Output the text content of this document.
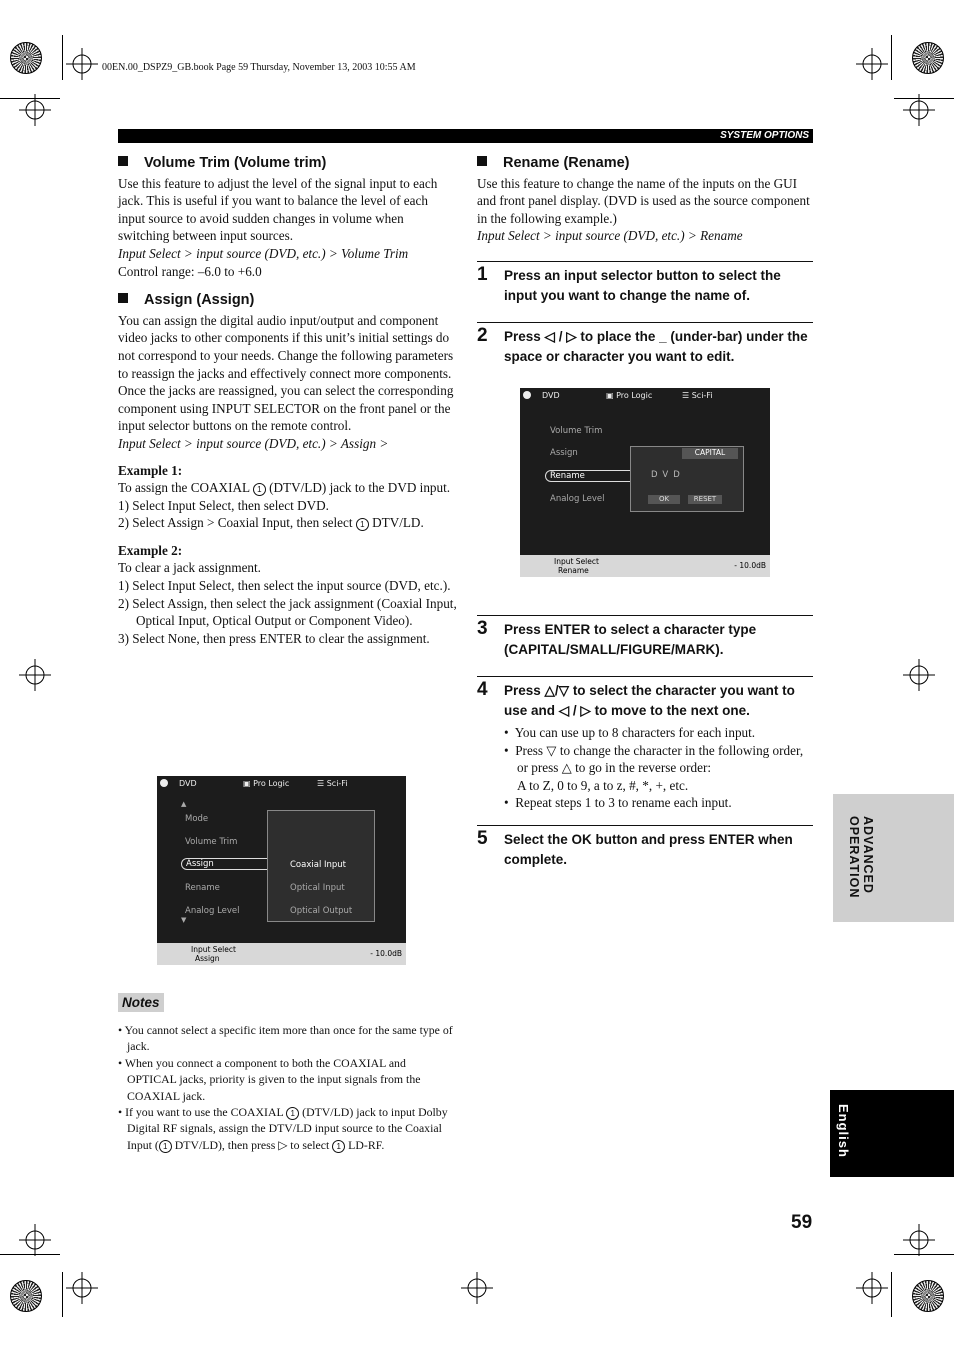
00EN.00_DSPZ9_GB.book Page 59 Thursday, November 13, 2003 10:55 AM
SYSTEM OPTIONS
Volume Trim (Volume trim)

Use this feature to adjust the level of the signal input to each jack. This is useful if you want to balance the level of each input source to avoid sudden changes in volume when switching between input sources.

Input Select > input source (DVD, etc.) > Volume Trim

Control range: –6.0 to +6.0

Assign (Assign)

You can assign the digital audio input/output and component video jacks to other components if this unit’s initial settings do not correspond to your needs. Change the following parameters to reassign the jacks and effectively connect more components.

Once the jacks are reassigned, you can select the corresponding component using INPUT SELECTOR on the front panel or the input selector buttons on the remote control.

Input Select > input source (DVD, etc.) > Assign >

Example 1:

To assign the COAXIAL 1 (DTV/LD) jack to the DVD input.

1) Select Input Select, then select DVD.
2) Select Assign > Coaxial Input, then select 1 DTV/LD.

Example 2:

To clear a jack assignment.

1) Select Input Select, then select the input source (DVD, etc.).
2) Select Assign, then select the jack assignment (Coaxial Input, Optical Input, Optical Output or Component Video).
3) Select None, then press ENTER to clear the assignment.
DVD	▣ Pro Logic	☰ Sci-Fi
▲
Mode
Volume Trim
Assign
Rename
Analog Level
▼
Coaxial Input
Optical Input
Optical Output
Input Select
Assign
- 10.0dB
Notes
• You cannot select a specific item more than once for the same type of jack.
• When you connect a component to both the COAXIAL and OPTICAL jacks, priority is given to the input signals from the COAXIAL jack.
• If you want to use the COAXIAL 1 (DTV/LD) jack to input Dolby Digital RF signals, assign the DTV/LD input source to the Coaxial Input ( 1 DTV/LD), then press ▷ to select 1 LD-RF.
Rename (Rename)

Use this feature to change the name of the inputs on the GUI and front panel display. (DVD is used as the source component in the following example.)

Input Select > input source (DVD, etc.) > Rename

1 Press an input selector button to select the input you want to change the name of.
2 Press ◁ / ▷ to place the _ (under-bar) under the space or character you want to edit.
DVD	▣ Pro Logic	☰ Sci-Fi
Volume Trim
Assign
Rename
Analog Level
CAPITAL
DVD
OK	RESET
Input Select
Rename
- 10.0dB
3 Press ENTER to select a character type (CAPITAL/SMALL/FIGURE/MARK).
4 Press △/▽ to select the character you want to use and ◁ / ▷ to move to the next one.
•  You can use up to 8 characters for each input.
•  Press ▽ to change the character in the following order, or press △ to go in the reverse order:
A to Z, 0 to 9, a to z, #, *, +, etc.
•  Repeat steps 1 to 3 to rename each input.
5 Select the OK button and press ENTER when complete.	ADVANCED OPERATION
English
59
